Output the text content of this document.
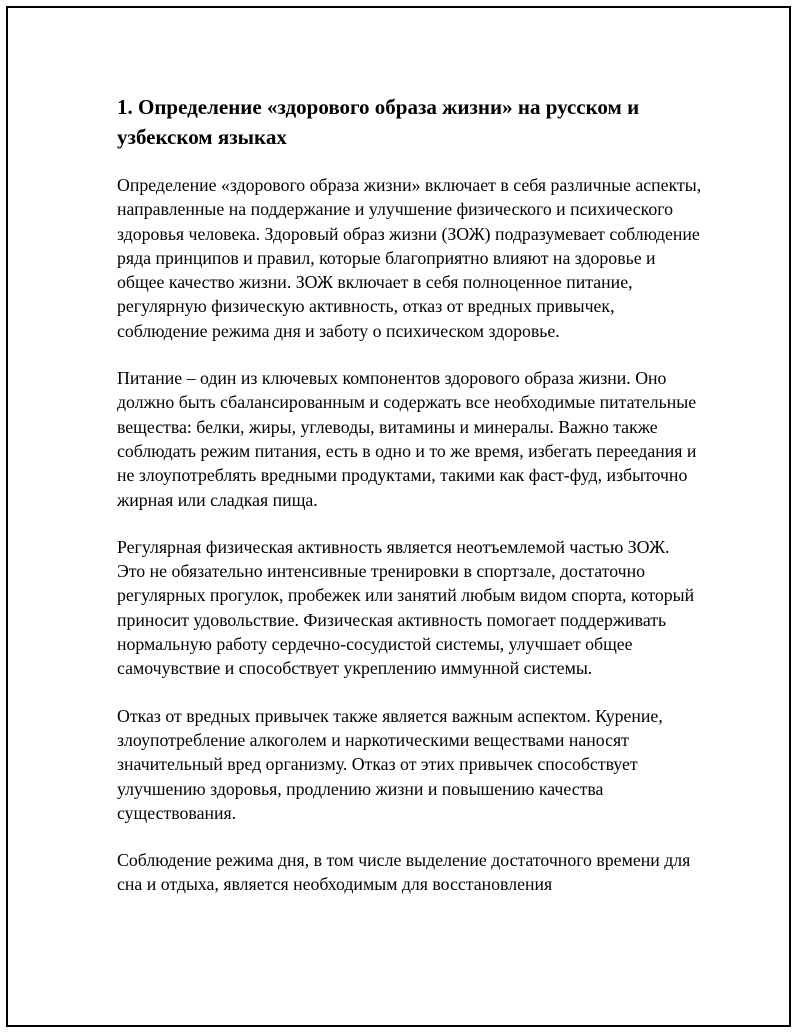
1. Определение «здорового образа жизни» на русском и узбекском языках

Определение «здорового образа жизни» включает в себя различные аспекты, направленные на поддержание и улучшение физического и психического здоровья человека. Здоровый образ жизни (ЗОЖ) подразумевает соблюдение ряда принципов и правил, которые благоприятно влияют на здоровье и общее качество жизни. ЗОЖ включает в себя полноценное питание, регулярную физическую активность, отказ от вредных привычек, соблюдение режима дня и заботу о психическом здоровье.

Питание – один из ключевых компонентов здорового образа жизни. Оно должно быть сбалансированным и содержать все необходимые питательные вещества: белки, жиры, углеводы, витамины и минералы. Важно также соблюдать режим питания, есть в одно и то же время, избегать переедания и не злоупотреблять вредными продуктами, такими как фаст-фуд, избыточно жирная или сладкая пища.

Регулярная физическая активность является неотъемлемой частью ЗОЖ. Это не обязательно интенсивные тренировки в спортзале, достаточно регулярных прогулок, пробежек или занятий любым видом спорта, который приносит удовольствие. Физическая активность помогает поддерживать нормальную работу сердечно-сосудистой системы, улучшает общее самочувствие и способствует укреплению иммунной системы.

Отказ от вредных привычек также является важным аспектом. Курение, злоупотребление алкоголем и наркотическими веществами наносят значительный вред организму. Отказ от этих привычек способствует улучшению здоровья, продлению жизни и повышению качества существования.

Соблюдение режима дня, в том числе выделение достаточного времени для сна и отдыха, является необходимым для восстановления
